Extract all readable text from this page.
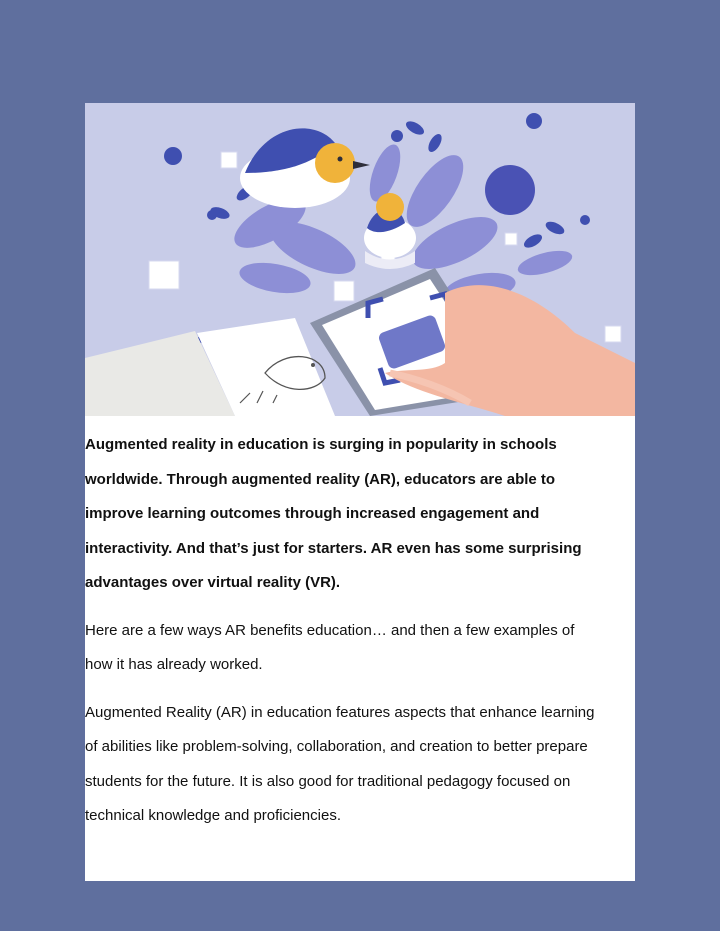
Augmented reality in education is surging in popularity in schools
worldwide. Through augmented reality (AR), educators are able to
improve learning outcomes through increased engagement and
interactivity. And that’s just for starters. AR even has some surprising
advantages over virtual reality (VR).

Here are a few ways AR benefits education… and then a few examples of
how it has already worked.

Augmented Reality (AR) in education features aspects that enhance learning
of abilities like problem-solving, collaboration, and creation to better prepare
students for the future. It is also good for traditional pedagogy focused on
technical knowledge and proficiencies.
